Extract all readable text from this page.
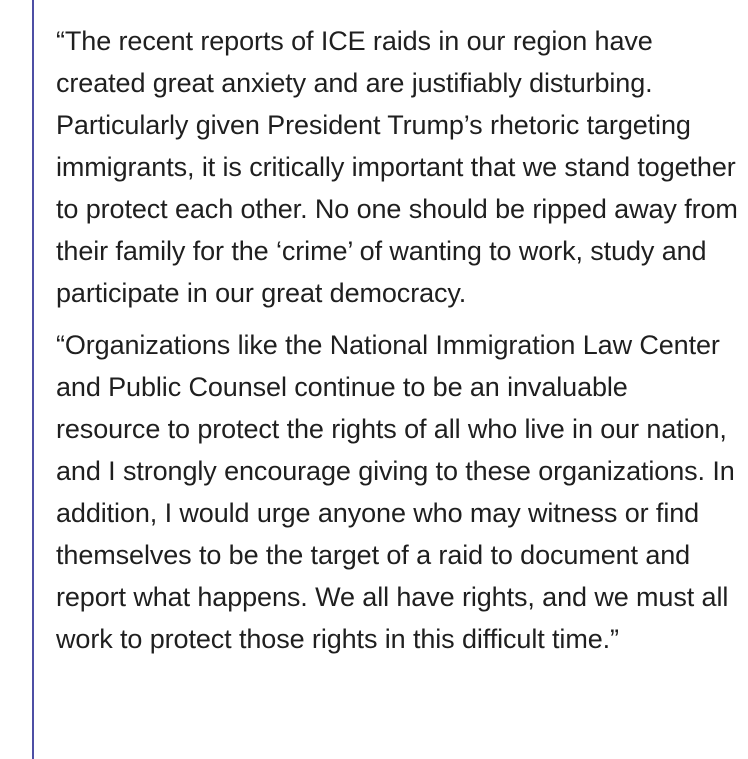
“The recent reports of ICE raids in our region have created great anxiety and are justifiably disturbing. Particularly given President Trump’s rhetoric targeting immigrants, it is critically important that we stand together to protect each other. No one should be ripped away from their family for the ‘crime’ of wanting to work, study and participate in our great democracy.

“Organizations like the National Immigration Law Center and Public Counsel continue to be an invaluable resource to protect the rights of all who live in our nation, and I strongly encourage giving to these organizations. In addition, I would urge anyone who may witness or find themselves to be the target of a raid to document and report what happens. We all have rights, and we must all work to protect those rights in this difficult time.”
